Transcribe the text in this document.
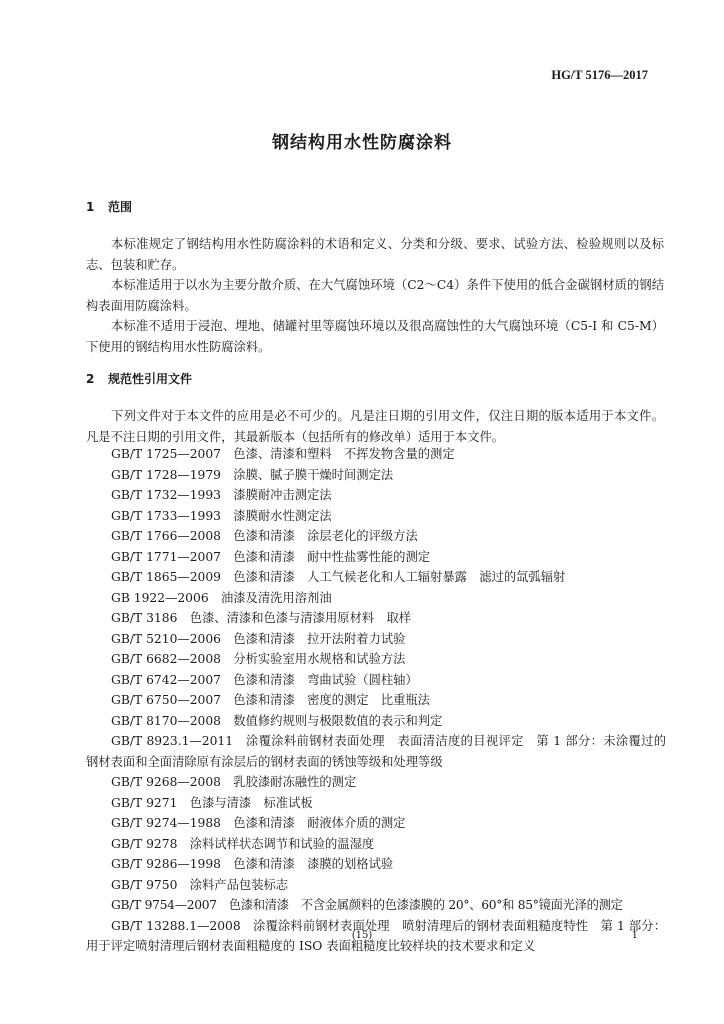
HG/T 5176—2017
钢结构用水性防腐涂料
1 范围

本标准规定了钢结构用水性防腐涂料的术语和定义、分类和分级、要求、试验方法、检验规则以及标志、包装和贮存。

本标准适用于以水为主要分散介质、在大气腐蚀环境（C2～C4）条件下使用的低合金碳钢材质的钢结构表面用防腐涂料。

本标准不适用于浸泡、埋地、储罐衬里等腐蚀环境以及很高腐蚀性的大气腐蚀环境（C5-I 和 C5-M）下使用的钢结构用水性防腐涂料。

2 规范性引用文件

下列文件对于本文件的应用是必不可少的。凡是注日期的引用文件，仅注日期的版本适用于本文件。凡是不注日期的引用文件，其最新版本（包括所有的修改单）适用于本文件。

GB/T 1725—2007　色漆、清漆和塑料　不挥发物含量的测定
GB/T 1728—1979　涂膜、腻子膜干燥时间测定法
GB/T 1732—1993　漆膜耐冲击测定法
GB/T 1733—1993　漆膜耐水性测定法
GB/T 1766—2008　色漆和清漆　涂层老化的评级方法
GB/T 1771—2007　色漆和清漆　耐中性盐雾性能的测定
GB/T 1865—2009　色漆和清漆　人工气候老化和人工辐射暴露　滤过的氙弧辐射
GB 1922—2006　油漆及清洗用溶剂油
GB/T 3186　色漆、清漆和色漆与清漆用原材料　取样
GB/T 5210—2006　色漆和清漆　拉开法附着力试验
GB/T 6682—2008　分析实验室用水规格和试验方法
GB/T 6742—2007　色漆和清漆　弯曲试验（圆柱轴）
GB/T 6750—2007　色漆和清漆　密度的测定　比重瓶法
GB/T 8170—2008　数值修约规则与极限数值的表示和判定
GB/T 8923.1—2011　涂覆涂料前钢材表面处理　表面清洁度的目视评定　第 1 部分：未涂覆过的钢材表面和全面清除原有涂层后的钢材表面的锈蚀等级和处理等级
GB/T 9268—2008　乳胶漆耐冻融性的测定
GB/T 9271　色漆与清漆　标准试板
GB/T 9274—1988　色漆和清漆　耐液体介质的测定
GB/T 9278　涂料试样状态调节和试验的温湿度
GB/T 9286—1998　色漆和清漆　漆膜的划格试验
GB/T 9750　涂料产品包装标志
GB/T 9754—2007　色漆和清漆　不含金属颜料的色漆漆膜的 20°、60°和 85°镜面光泽的测定
GB/T 13288.1—2008　涂覆涂料前钢材表面处理　喷射清理后的钢材表面粗糙度特性　第 1 部分：用于评定喷射清理后钢材表面粗糙度的 ISO 表面粗糙度比较样块的技术要求和定义
(15)	1
